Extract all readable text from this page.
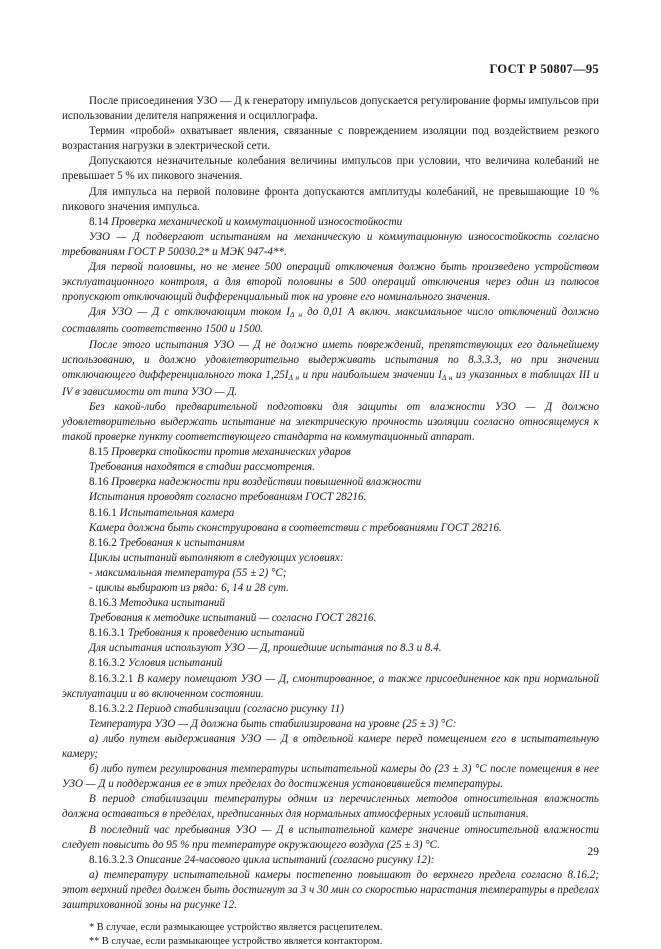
ГОСТ Р 50807—95

После присоединения УЗО — Д к генератору импульсов допускается регулирование формы импульсов при использовании делителя напряжения и осциллографа.

Термин «пробой» охватывает явления, связанные с повреждением изоляции под воздействием резкого возрастания нагрузки в электрической сети.

Допускаются незначительные колебания величины импульсов при условии, что величина колебаний не превышает 5 % их пикового значения.

Для импульса на первой половине фронта допускаются амплитуды колебаний, не превышающие 10 % пикового значения импульса.

8.14 Проверка механической и коммутационной износостойкости

УЗО — Д подвергают испытаниям на механическую и коммутационную износостойкость согласно требованиям ГОСТ Р 50030.2* и МЭК 947-4**.

Для первой половины, но не менее 500 операций отключения должно быть произведено устройством эксплуатационного контроля, а для второй половины в 500 операций отключения через один из полюсов пропускают отключающий дифференциальный ток на уровне его номинального значения.

Для УЗО — Д с отключающим током $I_{\Delta н}$ до 0,01 А включ. максимальное число отключений должно составлять соответственно 1500 и 1500.

После этого испытания УЗО — Д не должно иметь повреждений, препятствующих его дальнейшему использованию, и должно удовлетворительно выдерживать испытания по 8.3.3.3, но при значении отключающего дифференциального тока $1,25I_{\Delta н}$ и при наибольшем значении $I_{\Delta н}$ из указанных в таблицах III и IV в зависимости от типа УЗО — Д.

Без какой-либо предварительной подготовки для защиты от влажности УЗО — Д должно удовлетворительно выдержать испытание на электрическую прочность изоляции согласно относящемуся к такой проверке пункту соответствующего стандарта на коммутационный аппарат.

8.15 Проверка стойкости против механических ударов

Требования находятся в стадии рассмотрения.

8.16 Проверка надежности при воздействии повышенной влажности

Испытания проводят согласно требованиям ГОСТ 28216.

8.16.1 Испытательная камера

Камера должна быть сконструирована в соответствии с требованиями ГОСТ 28216.

8.16.2 Требования к испытаниям

Циклы испытаний выполняют в следующих условиях:

- максимальная температура (55 ± 2) °С;

- циклы выбирают из ряда: 6, 14 и 28 сут.

8.16.3 Методика испытаний

Требования к методике испытаний — согласно ГОСТ 28216.

8.16.3.1 Требования к проведению испытаний

Для испытания используют УЗО — Д, прошедшие испытания по 8.3 и 8.4.

8.16.3.2 Условия испытаний

8.16.3.2.1 В камеру помещают УЗО — Д, смонтированное, а также присоединенное как при нормальной эксплуатации и во включенном состоянии.

8.16.3.2.2 Период стабилизации (согласно рисунку 11)

Температура УЗО — Д должна быть стабилизирована на уровне (25 ± 3) °С:

а) либо путем выдерживания УЗО — Д в отдельной камере перед помещением его в испытательную камеру;

б) либо путем регулирования температуры испытательной камеры до (23 ± 3) °С после помещения в нее УЗО — Д и поддержания ее в этих пределах до достижения установившейся температуры.

В период стабилизации температуры одним из перечисленных методов относительная влажность должна оставаться в пределах, предписанных для нормальных атмосферных условий испытания.

В последний час пребывания УЗО — Д в испытательной камере значение относительной влажности следует повысить до 95 % при температуре окружающего воздуха (25 ± 3) °С.

8.16.3.2.3 Описание 24-часового цикла испытаний (согласно рисунку 12):

а) температуру испытательной камеры постепенно повышают до верхнего предела согласно 8.16.2; этот верхний предел должен быть достигнут за 3 ч 30 мин со скоростью нарастания температуры в пределах заштрихованной зоны на рисунке 12.

* В случае, если размыкающее устройство является расцепителем.

** В случае, если размыкающее устройство является контактором.

29
